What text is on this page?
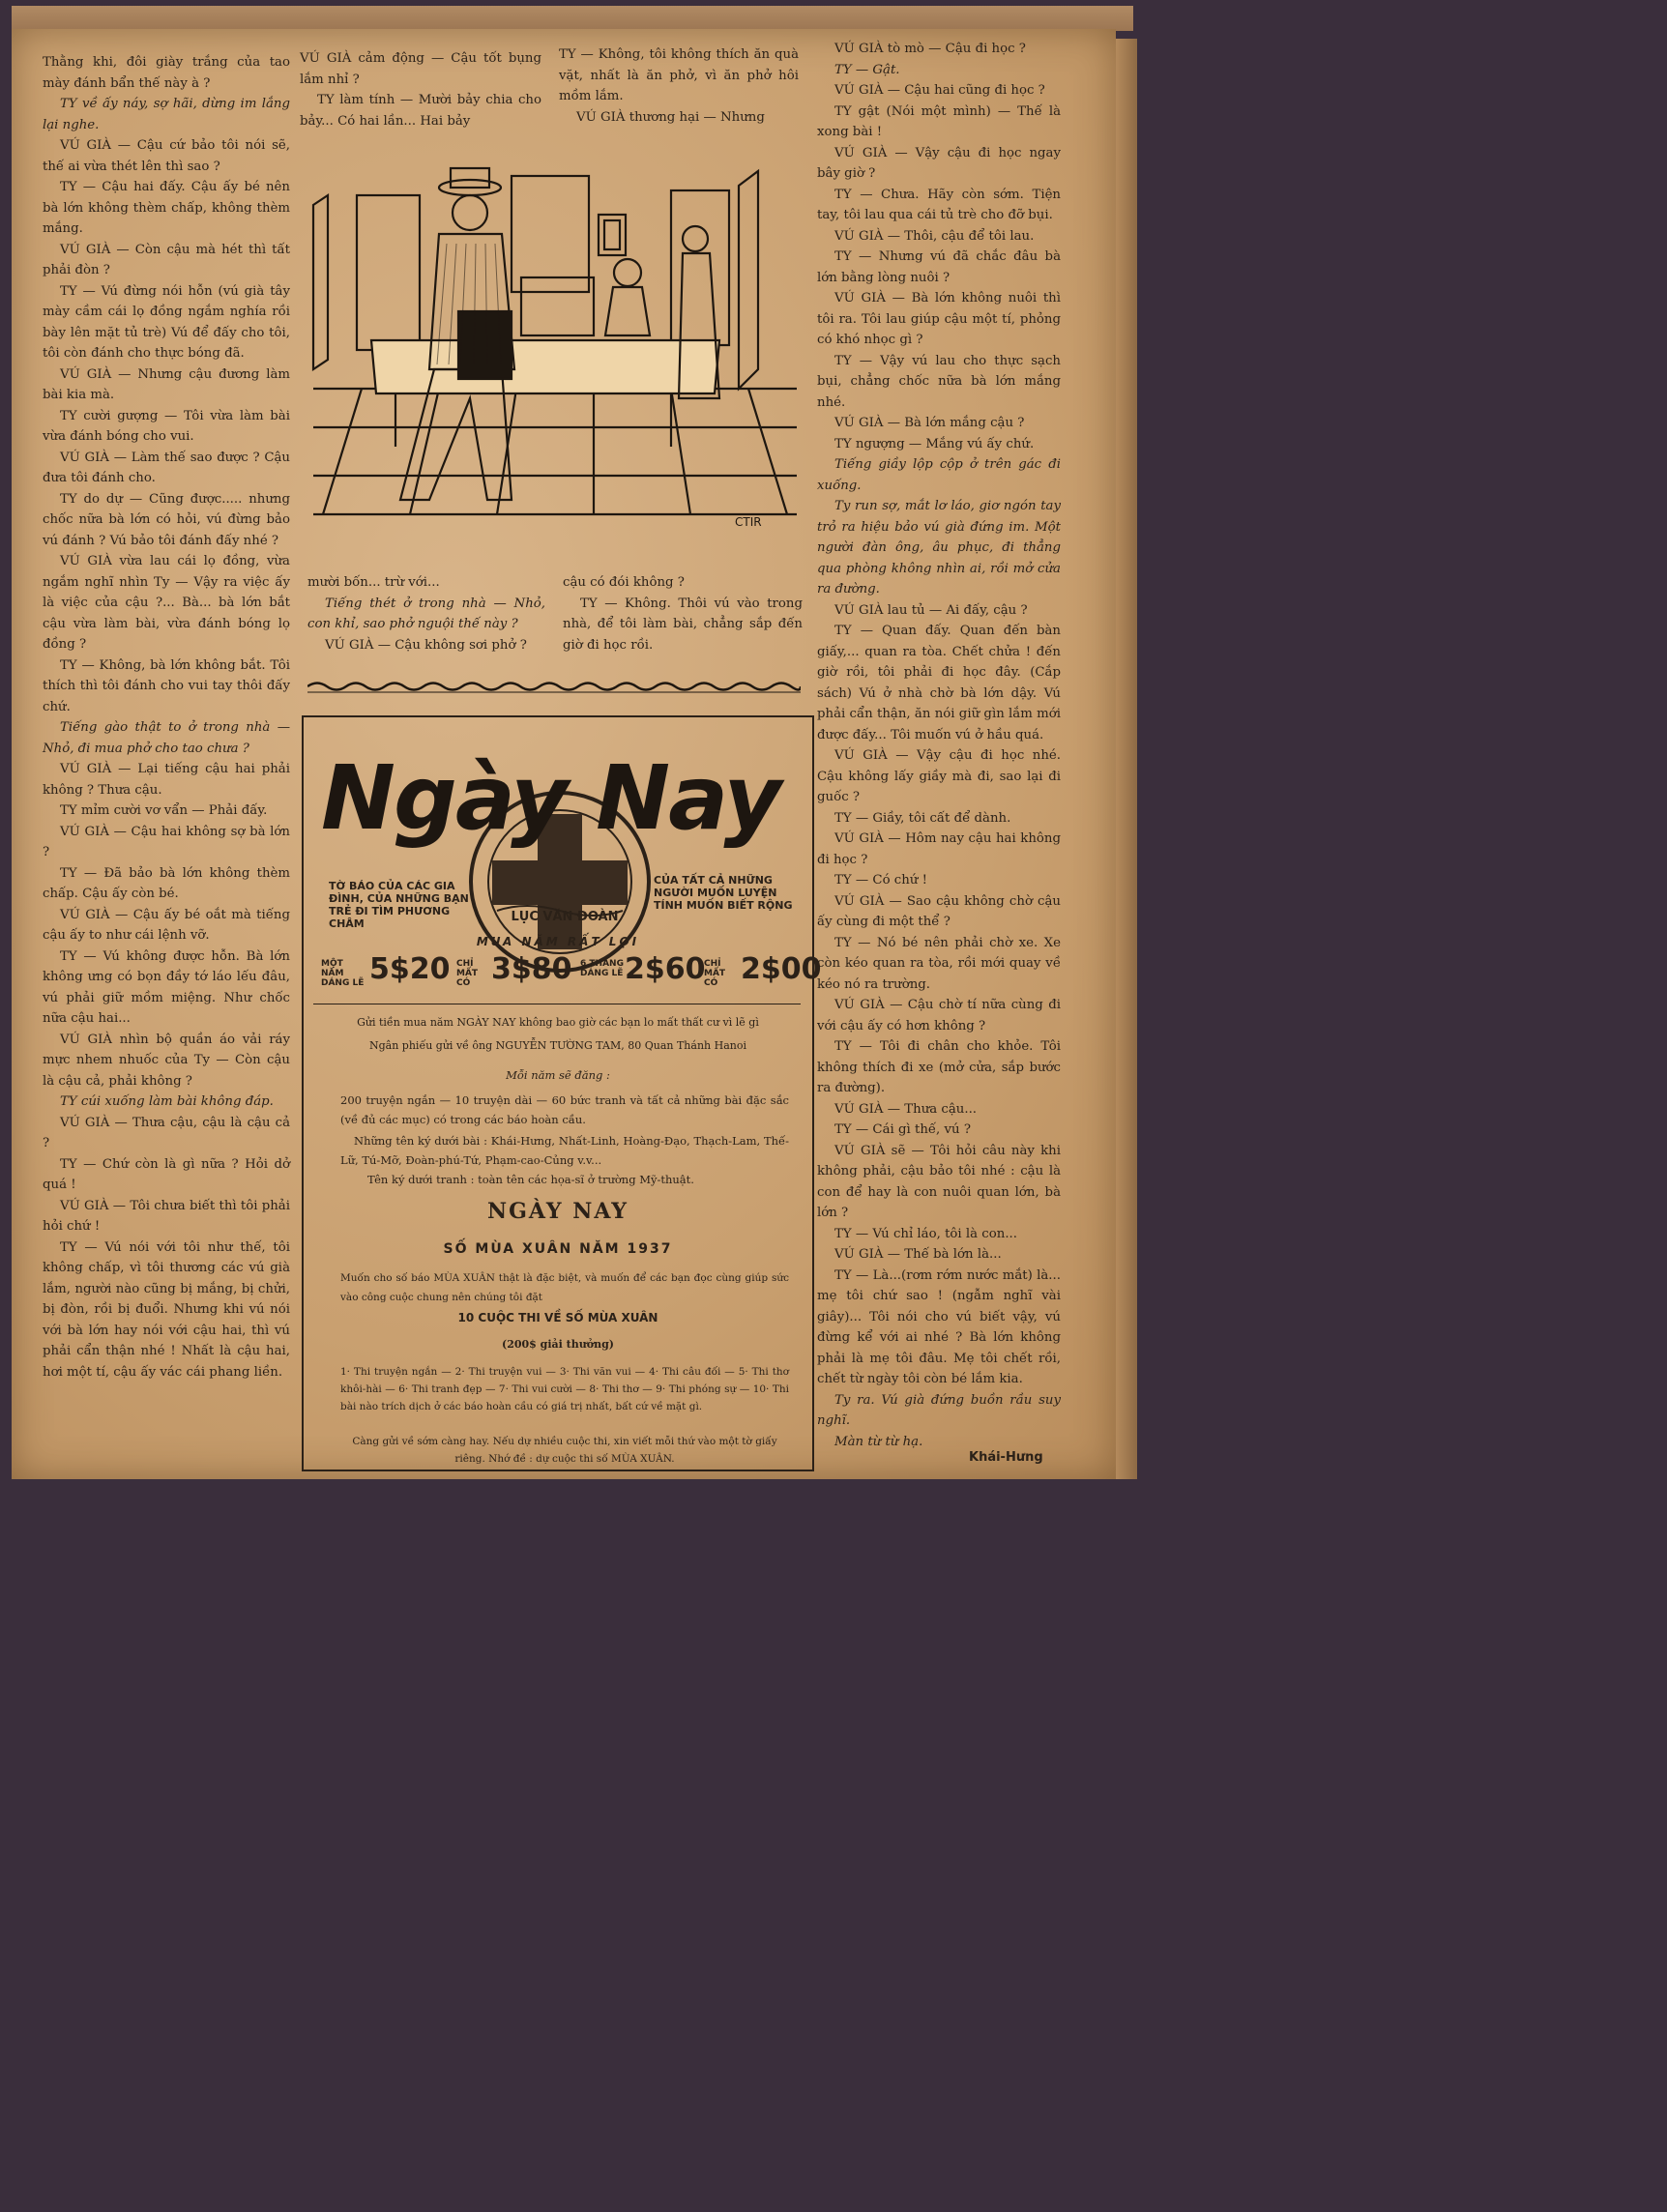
Thằng khi, đôi giày trắng của tao mày đánh bẩn thế này à ?

TY về ấy náy, sợ hãi, dừng im lắng lại nghe.

VÚ GIÀ — Cậu cứ bảo tôi nói sẽ, thế ai vừa thét lên thì sao ?

TY — Cậu hai đấy. Cậu ấy bé nên bà lớn không thèm chấp, không thèm mắng.

VÚ GIÀ — Còn cậu mà hét thì tất phải đòn ?

TY — Vú đừng nói hỗn (vú già tây mày cầm cái lọ đồng ngắm nghía rồi bày lên mặt tủ trè) Vú để đấy cho tôi, tôi còn đánh cho thực bóng đã.

VÚ GIÀ — Nhưng cậu đương làm bài kia mà.

TY cười gượng — Tôi vừa làm bài vừa đánh bóng cho vui.

VÚ GIÀ — Làm thế sao được ? Cậu đưa tôi đánh cho.

TY do dự — Cũng được..... nhưng chốc nữa bà lớn có hỏi, vú đừng bảo vú đánh ? Vú bảo tôi đánh đấy nhé ?

VÚ GIÀ vừa lau cái lọ đồng, vừa ngắm nghĩ nhìn Ty — Vậy ra việc ấy là việc của cậu ?... Bà... bà lớn bắt cậu vừa làm bài, vừa đánh bóng lọ đồng ?

TY — Không, bà lớn không bắt. Tôi thích thì tôi đánh cho vui tay thôi đấy chứ.

Tiếng gào thật to ở trong nhà — Nhỏ, đi mua phở cho tao chưa ?

VÚ GIÀ — Lại tiếng cậu hai phải không ? Thưa cậu.

TY mỉm cười vơ vẩn — Phải đấy.

VÚ GIÀ — Cậu hai không sợ bà lớn ?

TY — Đã bảo bà lớn không thèm chấp. Cậu ấy còn bé.

VÚ GIÀ — Cậu ấy bé oắt mà tiếng cậu ấy to như cái lệnh vỡ.

TY — Vú không được hỗn. Bà lớn không ưng có bọn đầy tớ láo lếu đâu, vú phải giữ mồm miệng. Như chốc nữa cậu hai...

VÚ GIÀ nhìn bộ quần áo vải ráy mực nhem nhuốc của Ty — Còn cậu là cậu cả, phải không ?

TY cúi xuống làm bài không đáp.

VÚ GIÀ — Thưa cậu, cậu là cậu cả ?

TY — Chứ còn là gì nữa ? Hỏi dở quá !

VÚ GIÀ — Tôi chưa biết thì tôi phải hỏi chứ !

TY — Vú nói với tôi như thế, tôi không chấp, vì tôi thương các vú già lắm, người nào cũng bị mắng, bị chửi, bị đòn, rồi bị đuổi. Nhưng khi vú nói với bà lớn hay nói với cậu hai, thì vú phải cẩn thận nhé ! Nhất là cậu hai, hơi một tí, cậu ấy vác cái phang liền.

VÚ GIÀ cảm động — Cậu tốt bụng lắm nhỉ ?

TY làm tính — Mười bảy chia cho bảy... Có hai lần... Hai bảy

TY — Không, tôi không thích ăn quà vặt, nhất là ăn phở, vì ăn phở hôi mồm lắm.

VÚ GIÀ thương hại — Nhưng

CTIR

mười bốn... trừ với...

Tiếng thét ở trong nhà — Nhỏ, con khỉ, sao phở nguội thế này ?

VÚ GIÀ — Cậu không sơi phở ?

cậu có đói không ?

TY — Không. Thôi vú vào trong nhà, để tôi làm bài, chẳng sắp đến giờ đi học rồi.

Ngày Nay
TỜ BÁO CỦA CÁC GIA ĐÌNH, CỦA NHỮNG BẠN TRẺ ĐI TÌM PHƯƠNG CHÂM
CỦA TẤT CẢ NHỮNG NGƯỜI MUỐN LUYỆN TÍNH MUỐN BIẾT RỘNG
LỤC VĂN ĐOÀN
MUA NĂM RẤT LỢI
MỘT NĂM DÁNG LẼ 5$20 CHỈ MẤT CÓ 3$80 6 THÁNG DÁNG LẼ 2$60
CHỈ MẤT CÓ 2$00
Gửi tiền mua năm NGÀY NAY không bao giờ các bạn lo mất thất cư vì lẽ gì
Ngân phiếu gửi về ông NGUYỄN TƯỜNG TAM, 80 Quan Thánh Hanoi
Mỗi năm sẽ đăng :
200 truyện ngắn — 10 truyện dài — 60 bức tranh và tất cả những bài đặc sắc (về đủ các mục) có trong các báo hoàn cầu.
Những tên ký dưới bài : Khái-Hưng, Nhất-Linh, Hoàng-Đạo, Thạch-Lam, Thế-Lữ, Tú-Mỡ, Đoàn-phú-Tứ, Phạm-cao-Củng v.v...
Tên ký dưới tranh : toàn tên các họa-sĩ ở trường Mỹ-thuật.
NGÀY NAY
SỐ MÙA XUÂN NĂM 1937
Muốn cho số báo MÙA XUÂN thật là đặc biệt, và muốn để các bạn đọc cùng giúp sức vào công cuộc chung nên chúng tôi đặt
10 CUỘC THI VỀ SỐ MÙA XUÂN
(200$ giải thưởng)
1· Thi truyện ngắn — 2· Thi truyện vui — 3· Thi văn vui — 4· Thi câu đối — 5· Thi thơ khôi-hài — 6· Thi tranh đẹp — 7· Thi vui cười — 8· Thi thơ — 9· Thi phóng sự — 10· Thi bài nào trích dịch ở các báo hoàn cầu có giá trị nhất, bất cứ về mặt gì.
Càng gửi về sớm càng hay. Nếu dự nhiều cuộc thi, xin viết mỗi thứ vào một tờ giấy riêng. Nhớ đề : dự cuộc thi số MÙA XUÂN.

VÚ GIÀ tò mò — Cậu đi học ?

TY — Gật.

VÚ GIÀ — Cậu hai cũng đi học ?

TY gật (Nói một mình) — Thế là xong bài !

VÚ GIÀ — Vậy cậu đi học ngay bây giờ ?

TY — Chưa. Hãy còn sớm. Tiện tay, tôi lau qua cái tủ trè cho đỡ bụi.

VÚ GIÀ — Thôi, cậu để tôi lau.

TY — Nhưng vú đã chắc đâu bà lớn bằng lòng nuôi ?

VÚ GIÀ — Bà lớn không nuôi thì tôi ra. Tôi lau giúp cậu một tí, phỏng có khó nhọc gì ?

TY — Vậy vú lau cho thực sạch bụi, chẳng chốc nữa bà lớn mắng nhé.

VÚ GIÀ — Bà lớn mắng cậu ?

TY ngượng — Mắng vú ấy chứ.

Tiếng giầy lộp cộp ở trên gác đi xuống.

Ty run sợ, mắt lơ láo, giơ ngón tay trỏ ra hiệu bảo vú già đứng im. Một người đàn ông, âu phục, đi thẳng qua phòng không nhìn ai, rồi mở cửa ra đường.

VÚ GIÀ lau tủ — Ai đấy, cậu ?

TY — Quan đấy. Quan đến bàn giấy,... quan ra tòa. Chết chửa ! đến giờ rồi, tôi phải đi học đây. (Cắp sách) Vú ở nhà chờ bà lớn dậy. Vú phải cẩn thận, ăn nói giữ gìn lắm mới được đấy... Tôi muốn vú ở hầu quá.

VÚ GIÀ — Vậy cậu đi học nhé. Cậu không lấy giầy mà đi, sao lại đi guốc ?

TY — Giầy, tôi cất để dành.

VÚ GIÀ — Hôm nay cậu hai không đi học ?

TY — Có chứ !

VÚ GIÀ — Sao cậu không chờ cậu ấy cùng đi một thể ?

TY — Nó bé nên phải chờ xe. Xe còn kéo quan ra tòa, rồi mới quay về kéo nó ra trường.

VÚ GIÀ — Cậu chờ tí nữa cùng đi với cậu ấy có hơn không ?

TY — Tôi đi chân cho khỏe. Tôi không thích đi xe (mở cửa, sắp bước ra đường).

VÚ GIÀ — Thưa cậu...

TY — Cái gì thế, vú ?

VÚ GIÀ sẽ — Tôi hỏi câu này khi không phải, cậu bảo tôi nhé : cậu là con để hay là con nuôi quan lớn, bà lớn ?

TY — Vú chỉ láo, tôi là con...

VÚ GIÀ — Thế bà lớn là...

TY — Là...(rơm rớm nước mắt) là... mẹ tôi chứ sao ! (ngẫm nghĩ vài giây)... Tôi nói cho vú biết vậy, vú đừng kể với ai nhé ? Bà lớn không phải là mẹ tôi đâu. Mẹ tôi chết rồi, chết từ ngày tôi còn bé lắm kia.

Ty ra. Vú già đứng buồn rầu suy nghĩ.

Màn từ từ hạ.

Khái-Hưng
